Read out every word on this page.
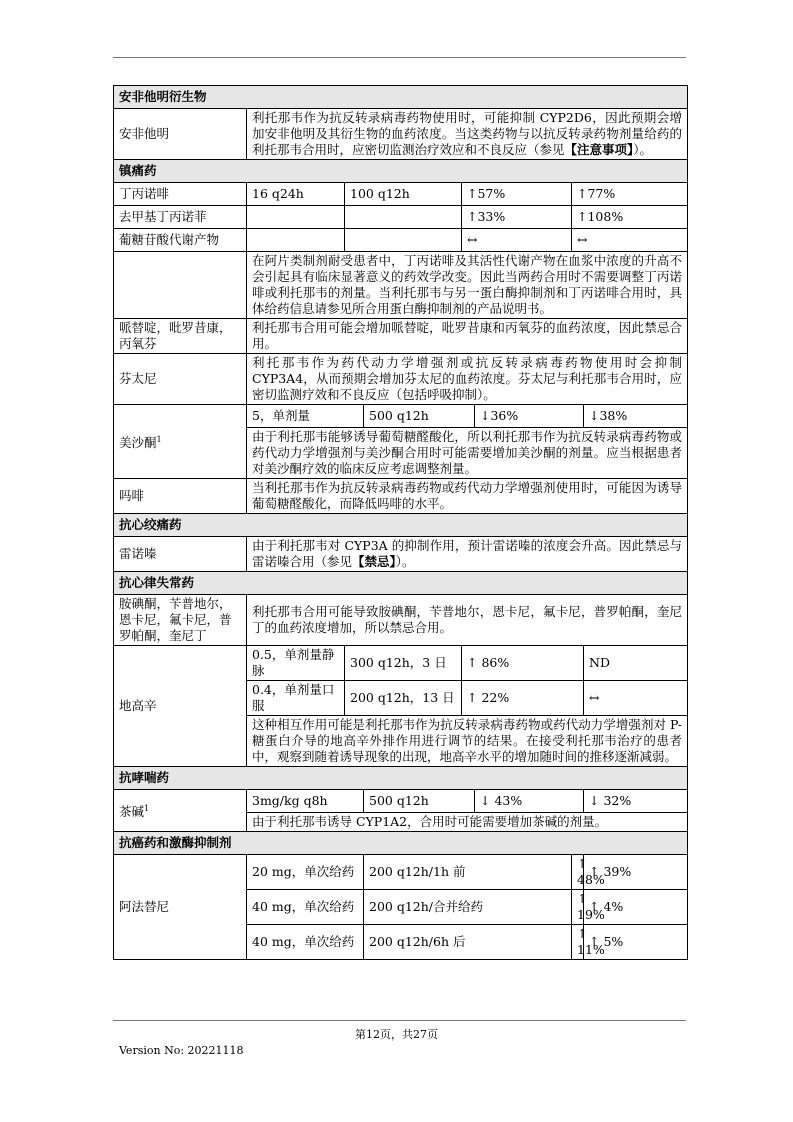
安非他明衍生物							
安非他明	利托那韦作为抗反转录病毒药物使用时，可能抑制 CYP2D6，因此预期会增加安非他明及其衍生物的血药浓度。当这类药物与以抗反转录药物剂量给药的利托那韦合用时，应密切监测治疗效应和不良反应（参见【注意事项】）。						
镇痛药							
丁丙诺啡	16 q24h	100 q12h		↑57%		↑77%	
去甲基丁丙诺菲				↑33%		↑108%	
葡糖苷酸代谢产物				↔		↔	
	在阿片类制剂耐受患者中，丁丙诺啡及其活性代谢产物在血浆中浓度的升高不会引起具有临床显著意义的药效学改变。因此当两药合用时不需要调整丁丙诺啡或利托那韦的剂量。当利托那韦与另一蛋白酶抑制剂和丁丙诺啡合用时，具体给药信息请参见所合用蛋白酶抑制剂的产品说明书。						
哌替啶，吡罗昔康，丙氧芬	利托那韦合用可能会增加哌替啶，吡罗昔康和丙氧芬的血药浓度，因此禁忌合用。						
芬太尼	利托那韦作为药代动力学增强剂或抗反转录病毒药物使用时会抑制 CYP3A4，从而预期会增加芬太尼的血药浓度。芬太尼与利托那韦合用时，应密切监测疗效和不良反应（包括呼吸抑制）。						
美沙酮$^1$	5，单剂量		500 q12h		↓36%		↓38%
	由于利托那韦能够诱导葡萄糖醛酸化，所以利托那韦作为抗反转录病毒药物或药代动力学增强剂与美沙酮合用时可能需要增加美沙酮的剂量。应当根据患者对美沙酮疗效的临床反应考虑调整剂量。						
吗啡	当利托那韦作为抗反转录病毒药物或药代动力学增强剂使用时，可能因为诱导葡萄糖醛酸化，而降低吗啡的水平。						
抗心绞痛药							
雷诺嗪	由于利托那韦对 CYP3A 的抑制作用，预计雷诺嗪的浓度会升高。因此禁忌与雷诺嗪合用（参见【禁忌】）。						
抗心律失常药							
胺碘酮，苄普地尔，恩卡尼，氟卡尼，普罗帕酮，奎尼丁	利托那韦合用可能导致胺碘酮，苄普地尔，恩卡尼，氟卡尼，普罗帕酮，奎尼丁的血药浓度增加，所以禁忌合用。						
地高辛	0.5，单剂量静脉	300 q12h，3 日		↑ 86%			ND
	0.4，单剂量口服	200 q12h，13 日		↑ 22%			↔
	这种相互作用可能是利托那韦作为抗反转录病毒药物或药代动力学增强剂对 P-糖蛋白介导的地高辛外排作用进行调节的结果。在接受利托那韦治疗的患者中，观察到随着诱导现象的出现，地高辛水平的增加随时间的推移逐渐减弱。						
抗哮喘药							
茶碱$^1$	3mg/kg q8h		500 q12h		↓ 43%		↓ 32%
	由于利托那韦诱导 CYP1A2，合用时可能需要增加茶碱的剂量。						
抗癌药和激酶抑制剂							
阿法替尼	20 mg，单次给药		200 q12h/1h 前			↑ 48%	↑ 39%
	40 mg，单次给药		200 q12h/合并给药			↑ 19%	↑ 4%
	40 mg，单次给药		200 q12h/6h 后			↑ 11%	↑ 5%
第12页，共27页
Version No: 20221118
